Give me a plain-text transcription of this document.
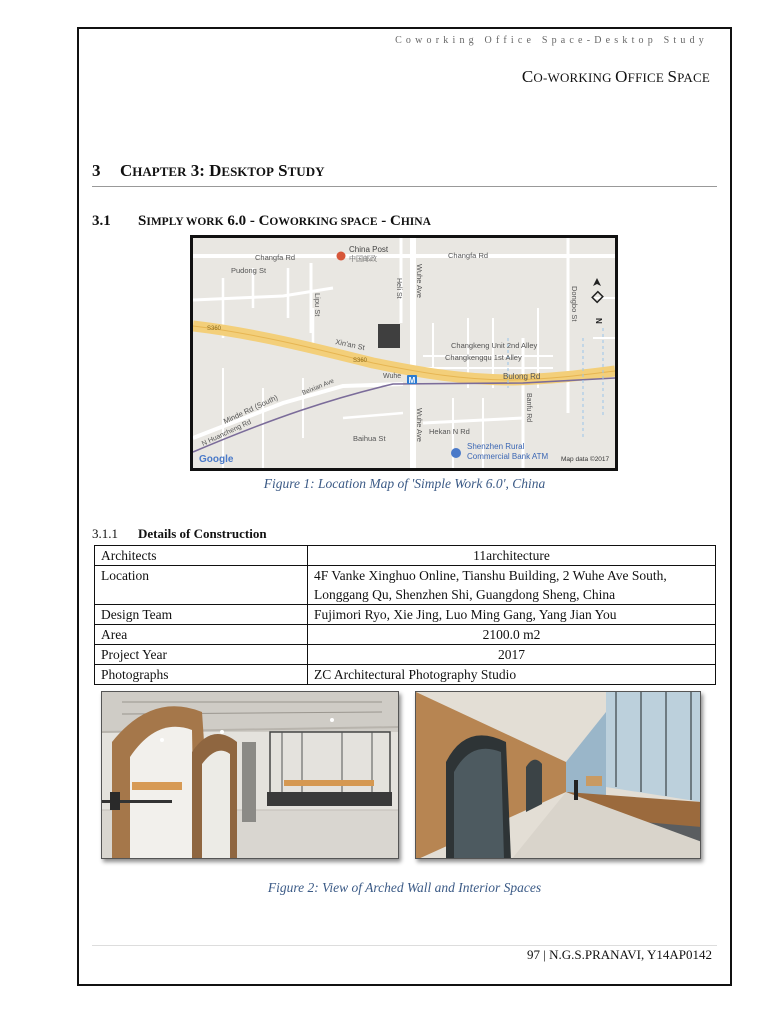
Coworking Office Space-Desktop Study
CO-WORKING OFFICE SPACE
3 CHAPTER 3: DESKTOP STUDY
3.1 SIMPLY WORK 6.0 - COWORKING SPACE - CHINA
M
Changfa Rd
China Post
中国邮政	Changfa Rd
Pudong St	Wuhe Ave
Heli St
Lipu St	Dongbo St
Xin'an St
S360
S360
Changkeng Unit 2nd Alley
Changkengqu 1st Alley
Bulong Rd
Minde Rd (South)
Beixian Ave
N Huancheng Rd
Wuhe
Banfu Rd
Wuhe Ave Hekan N Rd
Baihua St
Shenzhen Rural
Commercial Bank ATM
Google	Map data ©2017
N
Figure 1: Location Map of 'Simple Work 6.0', China
3.1.1 Details of Construction
Architects	11architecture
Location	4F Vanke Xinghuo Online, Tianshu Building, 2 Wuhe Ave South, Longgang Qu, Shenzhen Shi, Guangdong Sheng, China
Design Team	Fujimori Ryo, Xie Jing, Luo Ming Gang, Yang Jian You
Area	2100.0 m2
Project Year	2017
Photographs	ZC Architectural Photography Studio
Figure 2: View of Arched Wall and Interior Spaces
97 | N.G.S.PRANAVI, Y14AP0142
